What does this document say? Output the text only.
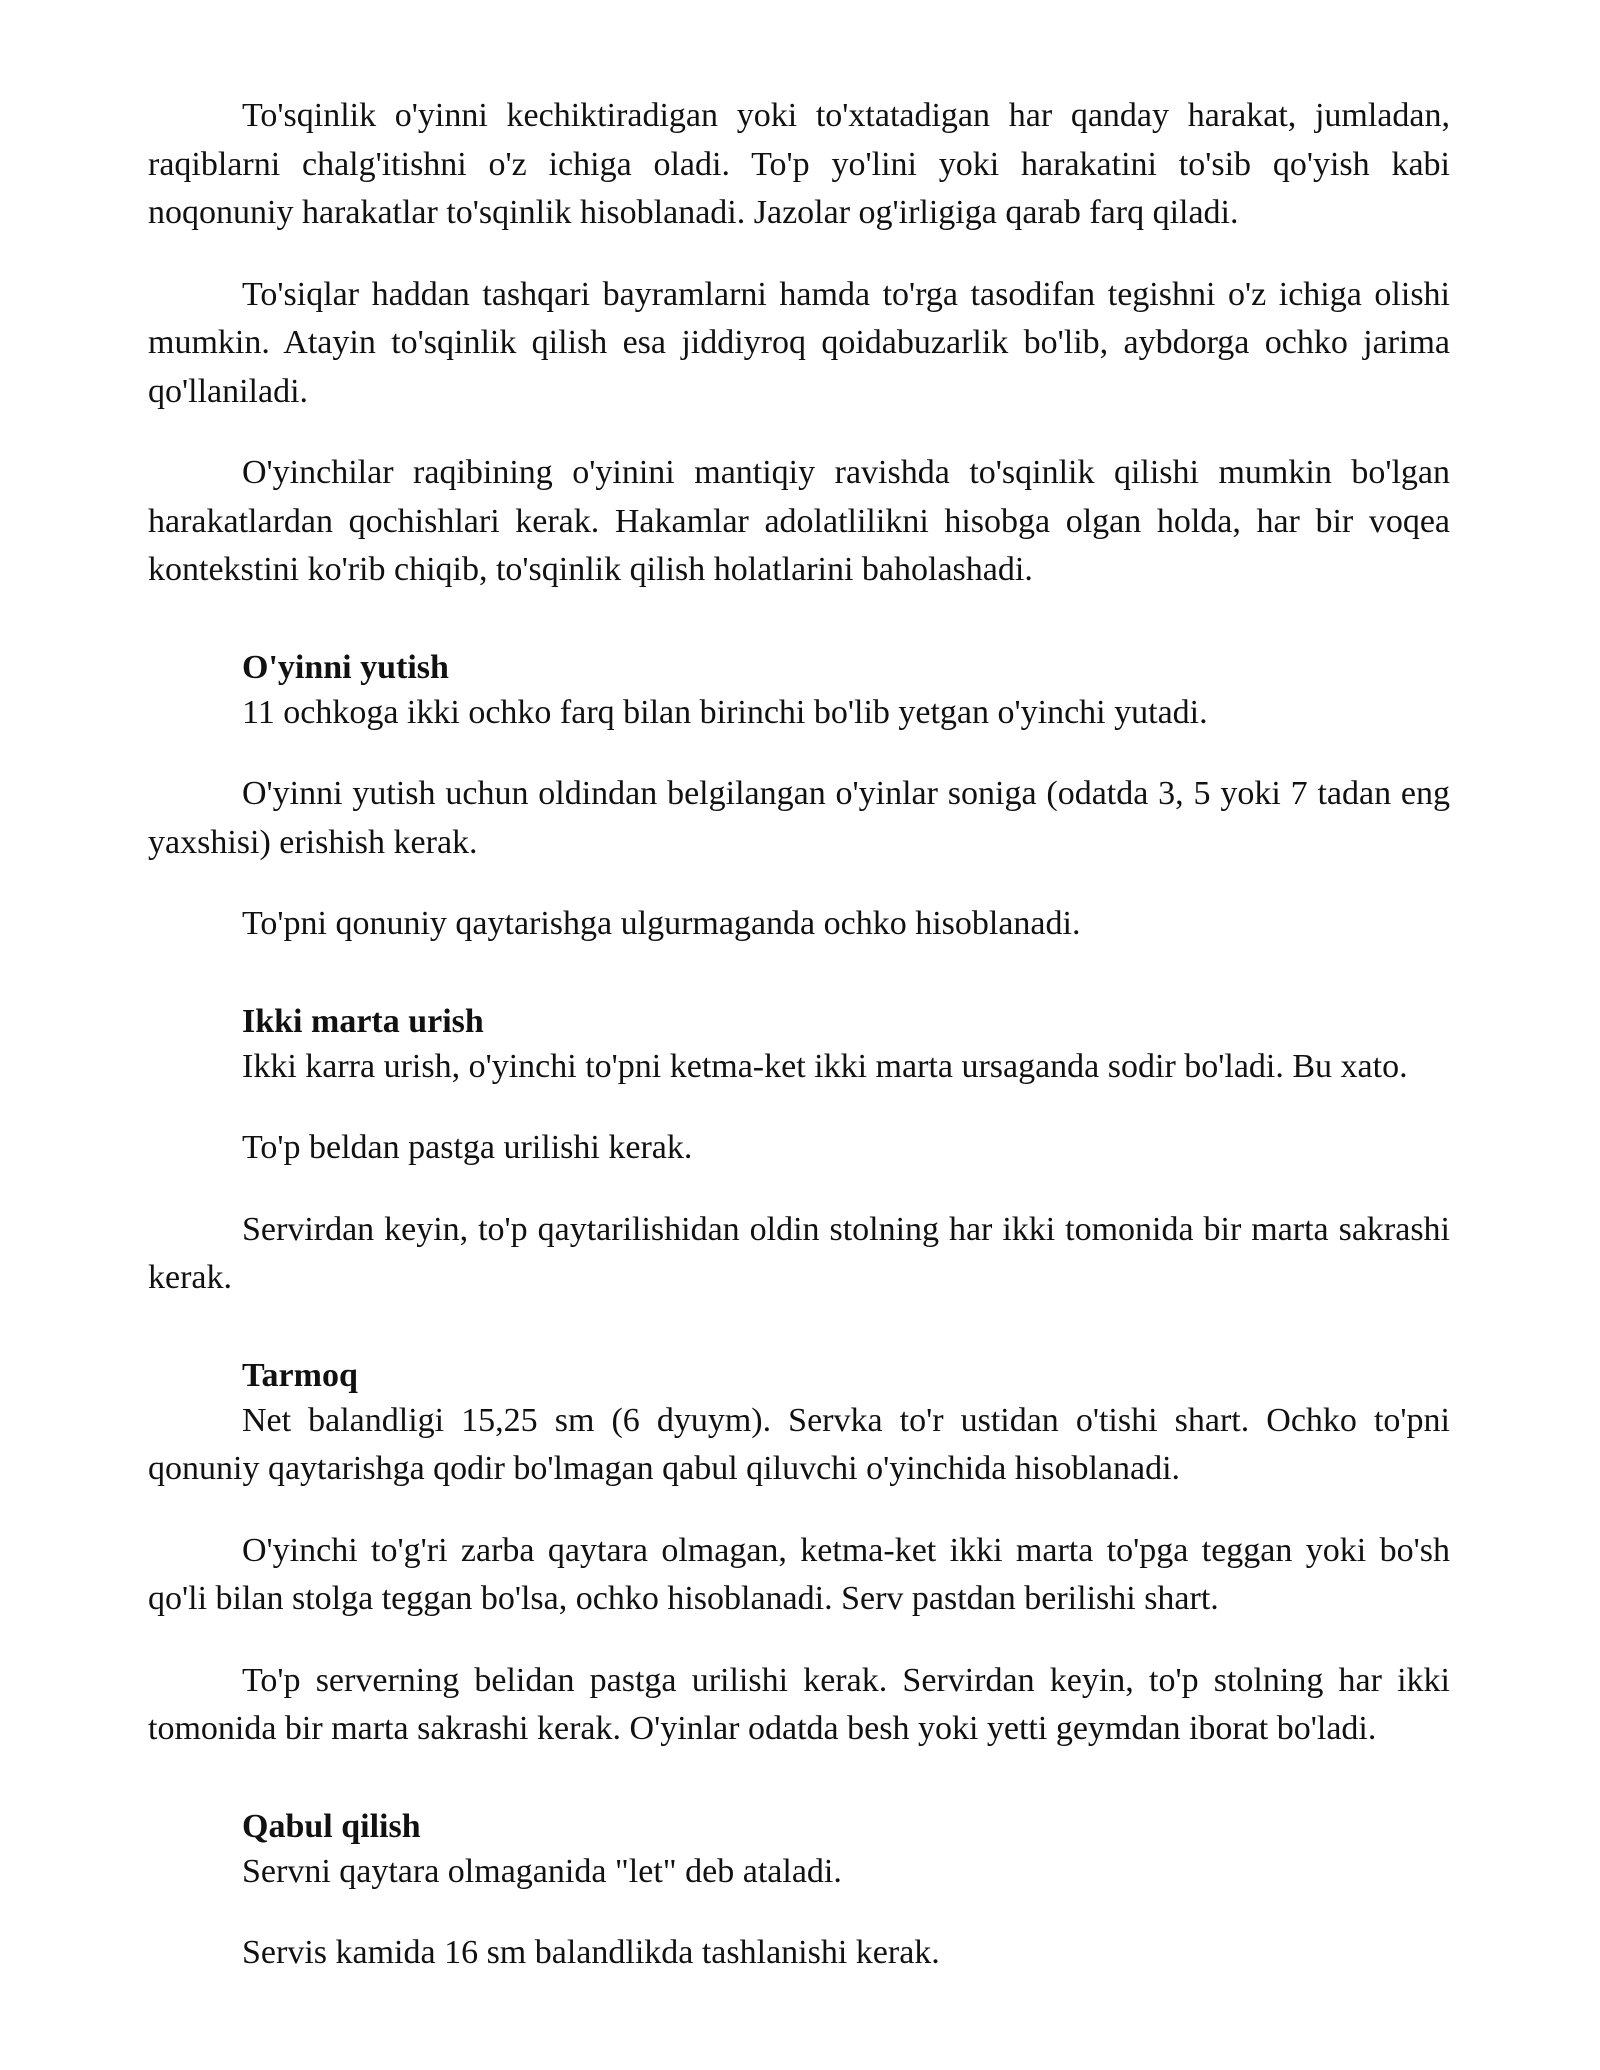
To'sqinlik o'yinni kechiktiradigan yoki to'xtatadigan har qanday harakat, jumladan, raqiblarni chalg'itishni o'z ichiga oladi. To'p yo'lini yoki harakatini to'sib qo'yish kabi noqonuniy harakatlar to'sqinlik hisoblanadi. Jazolar og'irligiga qarab farq qiladi.

To'siqlar haddan tashqari bayramlarni hamda to'rga tasodifan tegishni o'z ichiga olishi mumkin. Atayin to'sqinlik qilish esa jiddiyroq qoidabuzarlik bo'lib, aybdorga ochko jarima qo'llaniladi.

O'yinchilar raqibining o'yinini mantiqiy ravishda to'sqinlik qilishi mumkin bo'lgan harakatlardan qochishlari kerak. Hakamlar adolatlilikni hisobga olgan holda, har bir voqea kontekstini ko'rib chiqib, to'sqinlik qilish holatlarini baholashadi.

O'yinni yutish

11 ochkoga ikki ochko farq bilan birinchi bo'lib yetgan o'yinchi yutadi.

O'yinni yutish uchun oldindan belgilangan o'yinlar soniga (odatda 3, 5 yoki 7 tadan eng yaxshisi) erishish kerak.

To'pni qonuniy qaytarishga ulgurmaganda ochko hisoblanadi.

Ikki marta urish

Ikki karra urish, o'yinchi to'pni ketma-ket ikki marta ursaganda sodir bo'ladi. Bu xato.

To'p beldan pastga urilishi kerak.

Servirdan keyin, to'p qaytarilishidan oldin stolning har ikki tomonida bir marta sakrashi kerak.

Tarmoq

Net balandligi 15,25 sm (6 dyuym). Servka to'r ustidan o'tishi shart. Ochko to'pni qonuniy qaytarishga qodir bo'lmagan qabul qiluvchi o'yinchida hisoblanadi.

O'yinchi to'g'ri zarba qaytara olmagan, ketma-ket ikki marta to'pga teggan yoki bo'sh qo'li bilan stolga teggan bo'lsa, ochko hisoblanadi. Serv pastdan berilishi shart.

To'p serverning belidan pastga urilishi kerak. Servirdan keyin, to'p stolning har ikki tomonida bir marta sakrashi kerak. O'yinlar odatda besh yoki yetti geymdan iborat bo'ladi.

Qabul qilish

Servni qaytara olmaganida "let" deb ataladi.

Servis kamida 16 sm balandlikda tashlanishi kerak.
